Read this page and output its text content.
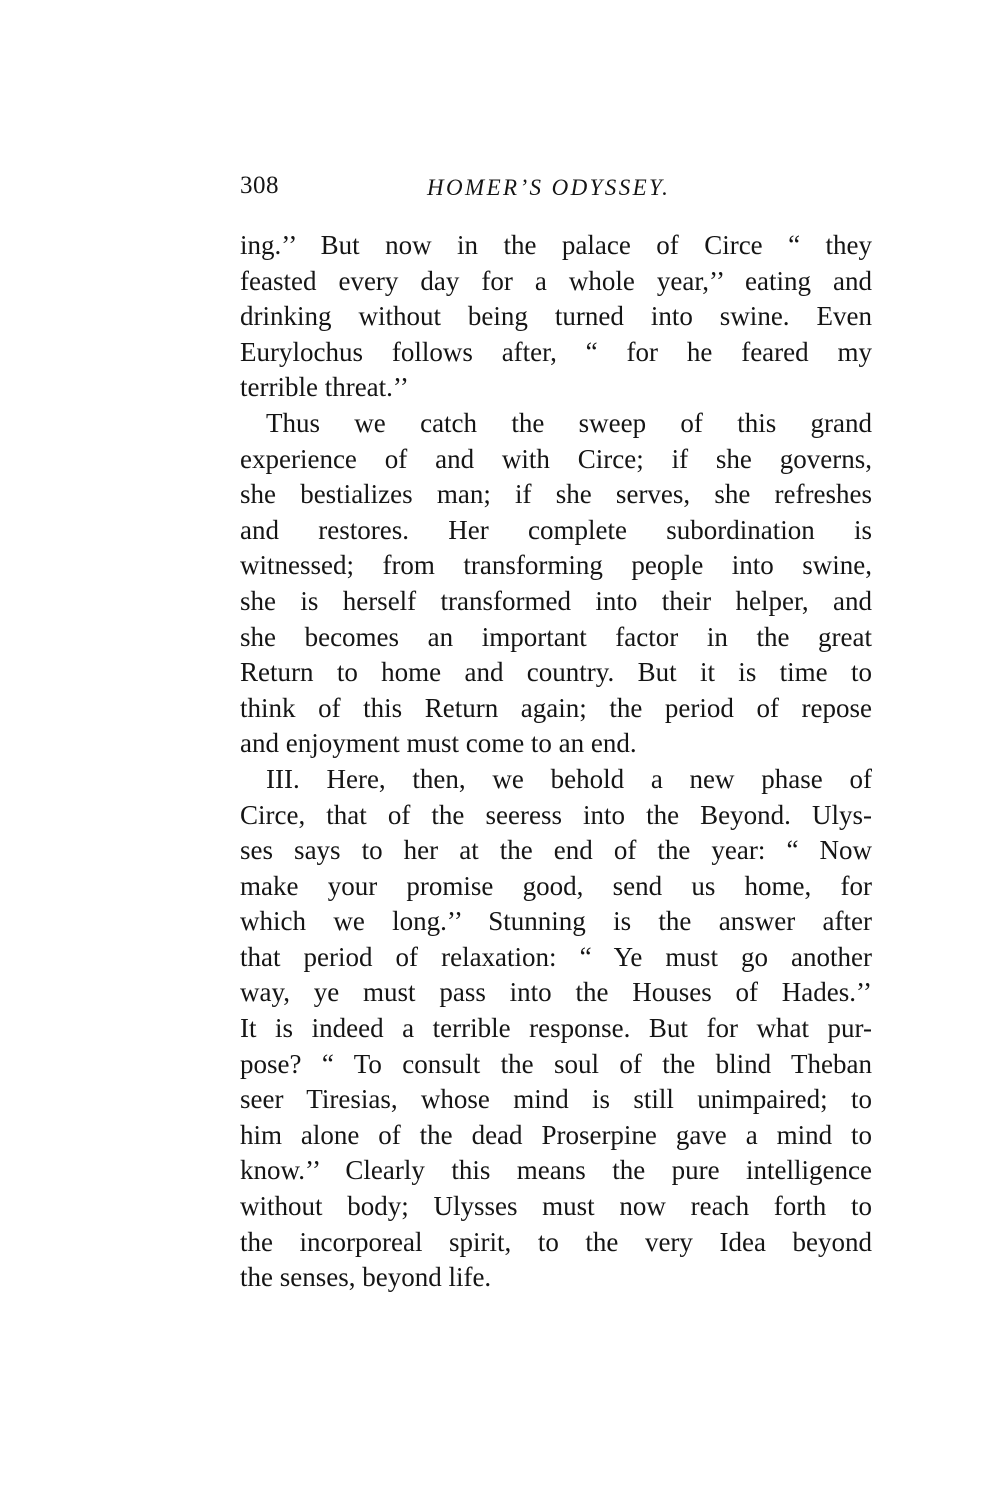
308	HOMER’S ODYSSEY.
ing.’’ But now in the palace of Circe “ they
feasted every day for a whole year,’’ eating and
drinking without being turned into swine. Even
Eurylochus follows after, “ for he feared my
terrible threat.’’
Thus we catch the sweep of this grand
experience of and with Circe; if she governs,
she bestializes man; if she serves, she refreshes
and restores. Her complete subordination is
witnessed; from transforming people into swine,
she is herself transformed into their helper, and
she becomes an important factor in the great
Return to home and country. But it is time to
think of this Return again; the period of repose
and enjoyment must come to an end.
III. Here, then, we behold a new phase of
Circe, that of the seeress into the Beyond. Ulys-
ses says to her at the end of the year: “ Now
make your promise good, send us home, for
which we long.’’ Stunning is the answer after
that period of relaxation: “ Ye must go another
way, ye must pass into the Houses of Hades.’’
It is indeed a terrible response. But for what pur-
pose? “ To consult the soul of the blind Theban
seer Tiresias, whose mind is still unimpaired; to
him alone of the dead Proserpine gave a mind to
know.’’ Clearly this means the pure intelligence
without body; Ulysses must now reach forth to
the incorporeal spirit, to the very Idea beyond
the senses, beyond life.
